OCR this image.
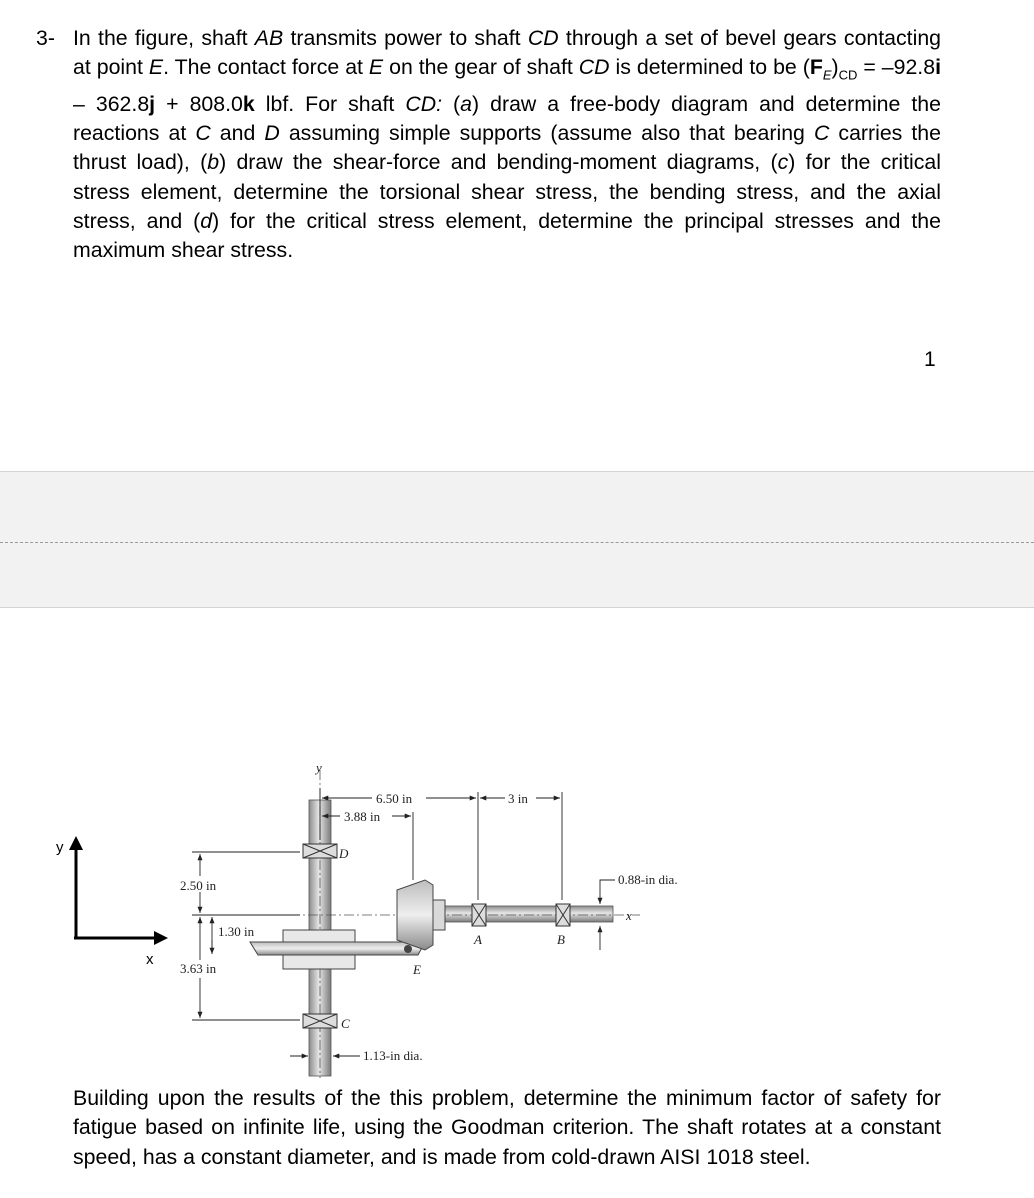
3- In the figure, shaft AB transmits power to shaft CD through a set of bevel gears contacting at point E. The contact force at E on the gear of shaft CD is determined to be $(F_E)_{CD} = -92.8i - 362.8j + 808.0k$ lbf. For shaft CD: (a) draw a free-body diagram and determine the reactions at C and D assuming simple supports (assume also that bearing C carries the thrust load), (b) draw the shear-force and bending-moment diagrams, (c) for the critical stress element, determine the torsional shear stress, the bending stress, and the axial stress, and (d) for the critical stress element, determine the principal stresses and the maximum shear stress.
1
y
x
y
6.50 in
3.88 in
3 in
D
2.50 in
1.30 in
3.63 in
0.88-in dia.
x
A	B
E
C
1.13-in dia.
Building upon the results of the this problem, determine the minimum factor of safety for fatigue based on infinite life, using the Goodman criterion. The shaft rotates at a constant speed, has a constant diameter, and is made from cold-drawn AISI 1018 steel.
